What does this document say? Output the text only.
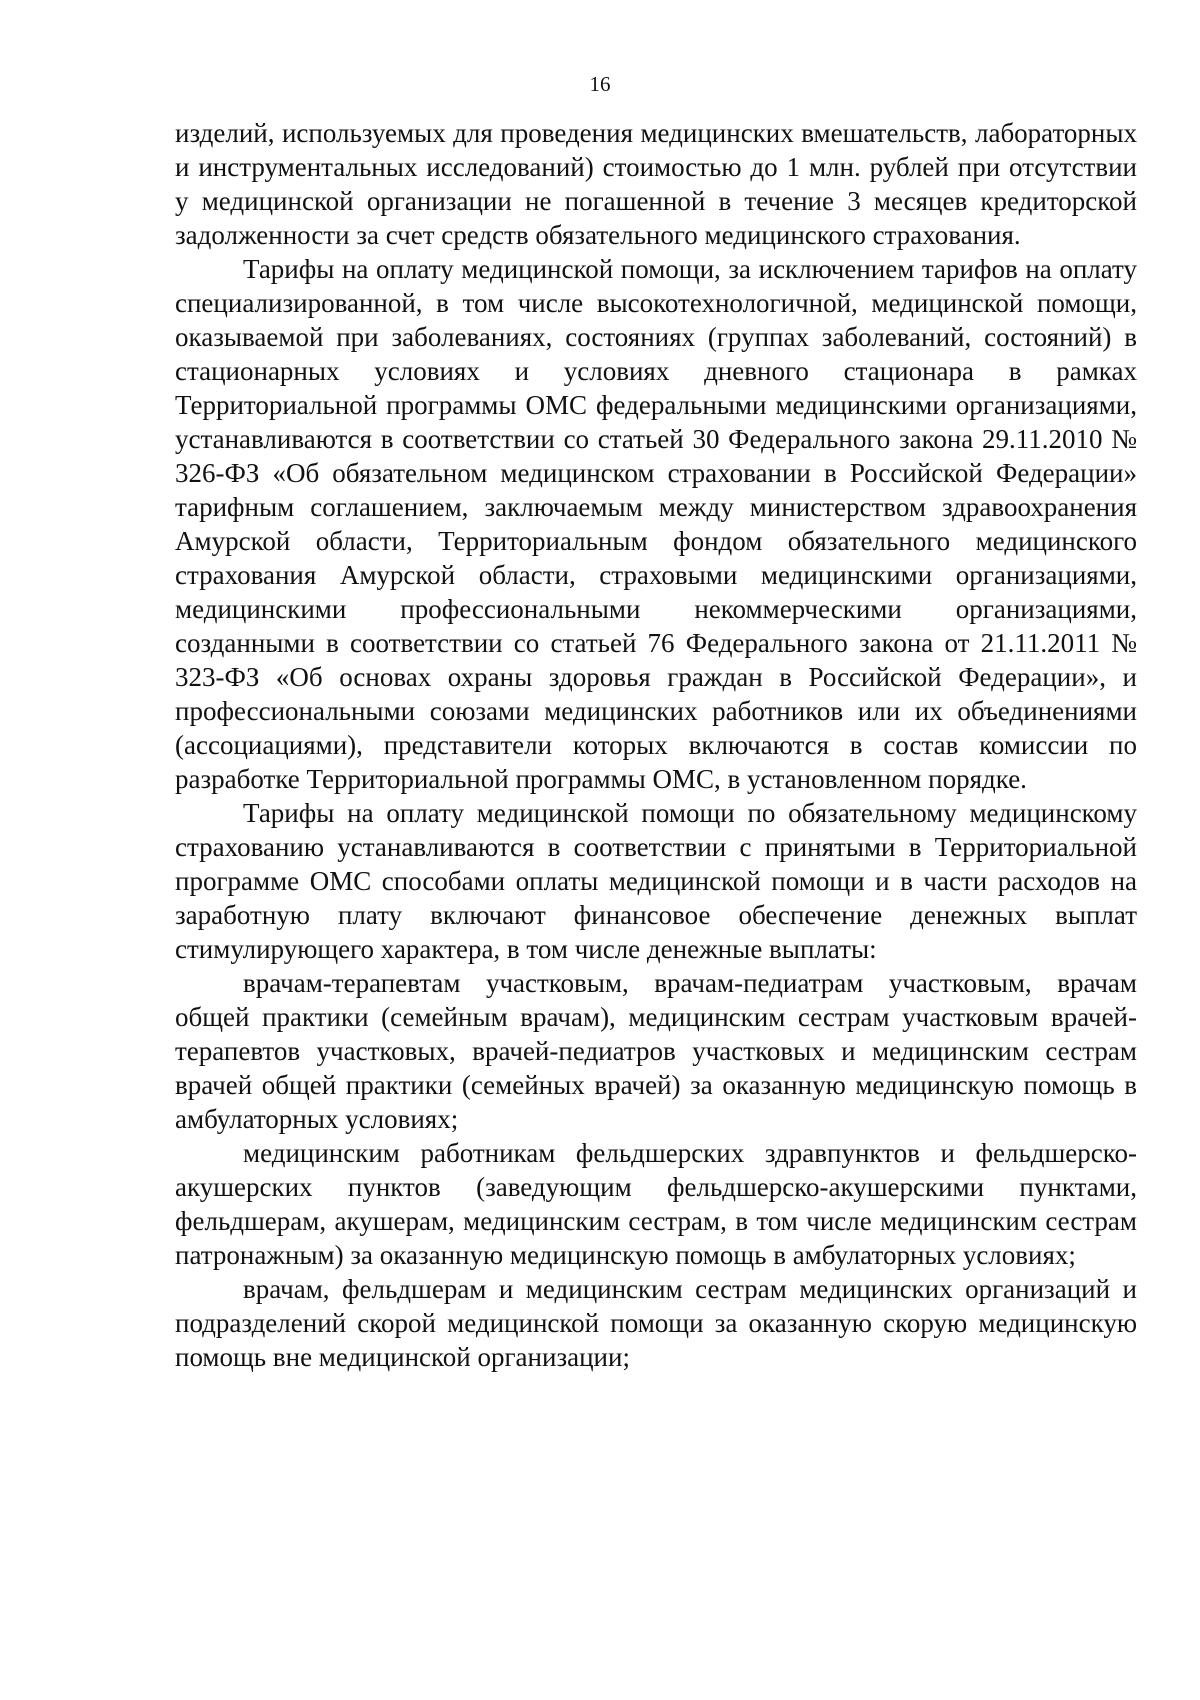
16

изделий, используемых для проведения медицинских вмешательств, лабораторных и инструментальных исследований) стоимостью до 1 млн. рублей при отсутствии у медицинской организации не погашенной в течение 3 месяцев кредиторской задолженности за счет средств обязательного медицинского страхования.

Тарифы на оплату медицинской помощи, за исключением тарифов на оплату специализированной, в том числе высокотехнологичной, медицинской помощи, оказываемой при заболеваниях, состояниях (группах заболеваний, состояний) в стационарных условиях и условиях дневного стационара в рамках Территориальной программы ОМС федеральными медицинскими организациями, устанавливаются в соответствии со статьей 30 Федерального закона 29.11.2010 № 326-ФЗ «Об обязательном медицинском страховании в Российской Федерации» тарифным соглашением, заключаемым между министерством здравоохранения Амурской области, Территориальным фондом обязательного медицинского страхования Амурской области, страховыми медицинскими организациями, медицинскими профессиональными некоммерческими организациями, созданными в соответствии со статьей 76 Федерального закона от 21.11.2011 № 323-ФЗ «Об основах охраны здоровья граждан в Российской Федерации», и профессиональными союзами медицинских работников или их объединениями (ассоциациями), представители которых включаются в состав комиссии по разработке Территориальной программы ОМС, в установленном порядке.

Тарифы на оплату медицинской помощи по обязательному медицинскому страхованию устанавливаются в соответствии с принятыми в Территориальной программе ОМС способами оплаты медицинской помощи и в части расходов на заработную плату включают финансовое обеспечение денежных выплат стимулирующего характера, в том числе денежные выплаты:

врачам-терапевтам участковым, врачам-педиатрам участковым, врачам общей практики (семейным врачам), медицинским сестрам участковым врачей-терапевтов участковых, врачей-педиатров участковых и медицинским сестрам врачей общей практики (семейных врачей) за оказанную медицинскую помощь в амбулаторных условиях;

медицинским работникам фельдшерских здравпунктов и фельдшерско-акушерских пунктов (заведующим фельдшерско-акушерскими пунктами, фельдшерам, акушерам, медицинским сестрам, в том числе медицинским сестрам патронажным) за оказанную медицинскую помощь в амбулаторных условиях;

врачам, фельдшерам и медицинским сестрам медицинских организаций и подразделений скорой медицинской помощи за оказанную скорую медицинскую помощь вне медицинской организации;
